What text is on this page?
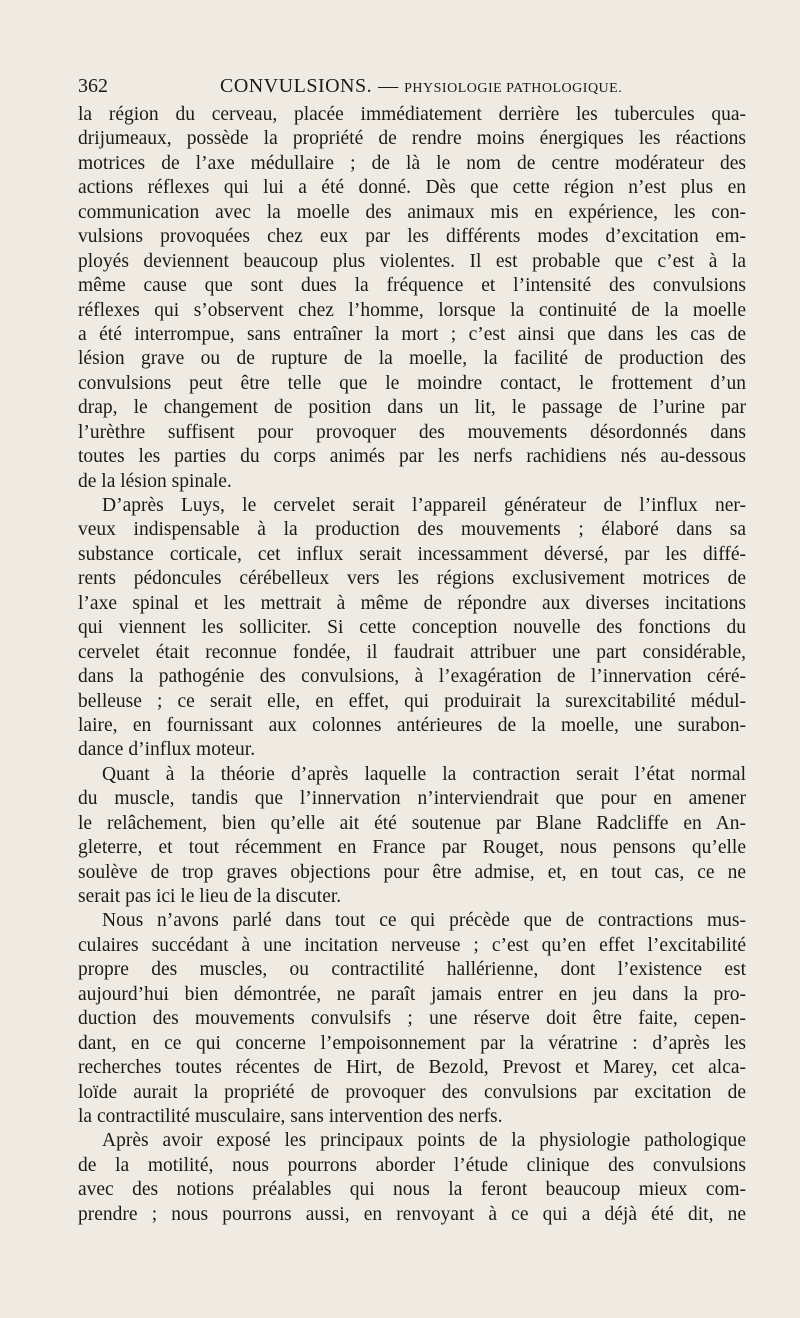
362	CONVULSIONS. — PHYSIOLOGIE PATHOLOGIQUE.
la région du cerveau, placée immédiatement derrière les tubercules qua-
drijumeaux, possède la propriété de rendre moins énergiques les réactions
motrices de l’axe médullaire ; de là le nom de centre modérateur des
actions réflexes qui lui a été donné. Dès que cette région n’est plus en
communication avec la moelle des animaux mis en expérience, les con-
vulsions provoquées chez eux par les différents modes d’excitation em-
ployés deviennent beaucoup plus violentes. Il est probable que c’est à la
même cause que sont dues la fréquence et l’intensité des convulsions
réflexes qui s’observent chez l’homme, lorsque la continuité de la moelle
a été interrompue, sans entraîner la mort ; c’est ainsi que dans les cas de
lésion grave ou de rupture de la moelle, la facilité de production des
convulsions peut être telle que le moindre contact, le frottement d’un
drap, le changement de position dans un lit, le passage de l’urine par
l’urèthre suffisent pour provoquer des mouvements désordonnés dans
toutes les parties du corps animés par les nerfs rachidiens nés au-dessous
de la lésion spinale.
D’après Luys, le cervelet serait l’appareil générateur de l’influx ner-
veux indispensable à la production des mouvements ; élaboré dans sa
substance corticale, cet influx serait incessamment déversé, par les diffé-
rents pédoncules cérébelleux vers les régions exclusivement motrices de
l’axe spinal et les mettrait à même de répondre aux diverses incitations
qui viennent les solliciter. Si cette conception nouvelle des fonctions du
cervelet était reconnue fondée, il faudrait attribuer une part considérable,
dans la pathogénie des convulsions, à l’exagération de l’innervation céré-
belleuse ; ce serait elle, en effet, qui produirait la surexcitabilité médul-
laire, en fournissant aux colonnes antérieures de la moelle, une surabon-
dance d’influx moteur.
Quant à la théorie d’après laquelle la contraction serait l’état normal
du muscle, tandis que l’innervation n’interviendrait que pour en amener
le relâchement, bien qu’elle ait été soutenue par Blane Radcliffe en An-
gleterre, et tout récemment en France par Rouget, nous pensons qu’elle
soulève de trop graves objections pour être admise, et, en tout cas, ce ne
serait pas ici le lieu de la discuter.
Nous n’avons parlé dans tout ce qui précède que de contractions mus-
culaires succédant à une incitation nerveuse ; c’est qu’en effet l’excitabilité
propre des muscles, ou contractilité hallérienne, dont l’existence est
aujourd’hui bien démontrée, ne paraît jamais entrer en jeu dans la pro-
duction des mouvements convulsifs ; une réserve doit être faite, cepen-
dant, en ce qui concerne l’empoisonnement par la vératrine : d’après les
recherches toutes récentes de Hirt, de Bezold, Prevost et Marey, cet alca-
loïde aurait la propriété de provoquer des convulsions par excitation de
la contractilité musculaire, sans intervention des nerfs.
Après avoir exposé les principaux points de la physiologie pathologique
de la motilité, nous pourrons aborder l’étude clinique des convulsions
avec des notions préalables qui nous la feront beaucoup mieux com-
prendre ; nous pourrons aussi, en renvoyant à ce qui a déjà été dit, ne
